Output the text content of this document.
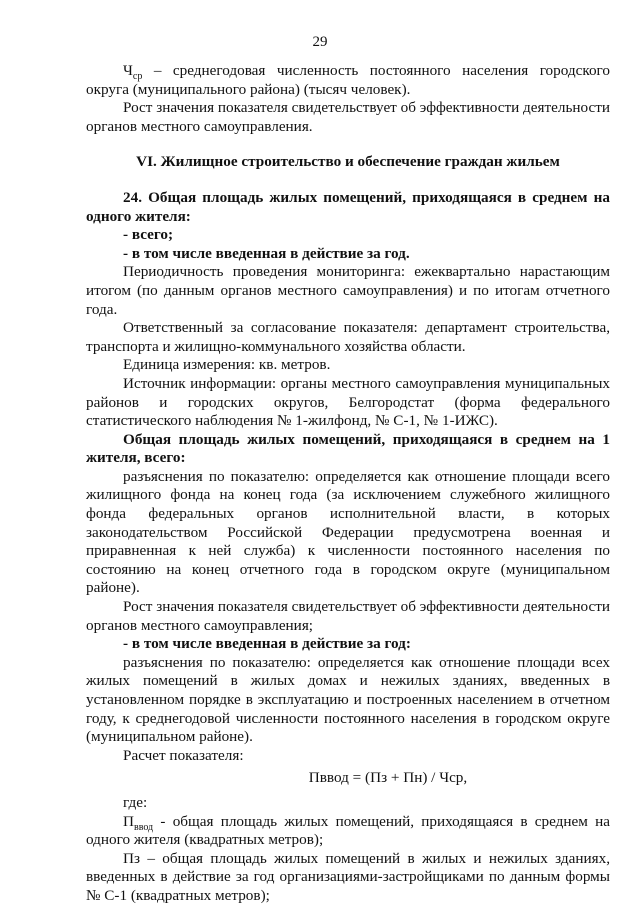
29

$Ч_{ср}$ – среднегодовая численность постоянного населения городского округа (муниципального района) (тысяч человек).

Рост значения показателя свидетельствует об эффективности деятельности органов местного самоуправления.

VI. Жилищное строительство и обеспечение граждан жильем

24. Общая площадь жилых помещений, приходящаяся в среднем на одного жителя:

- всего;

- в том числе введенная в действие за год.

Периодичность проведения мониторинга: ежеквартально нарастающим итогом (по данным органов местного самоуправления) и по итогам отчетного года.

Ответственный за согласование показателя: департамент строительства, транспорта и жилищно-коммунального хозяйства области.

Единица измерения: кв. метров.

Источник информации: органы местного самоуправления муниципальных районов и городских округов, Белгородстат (форма федерального статистического наблюдения № 1-жилфонд, № С-1, № 1-ИЖС).

Общая площадь жилых помещений, приходящаяся в среднем на 1 жителя, всего:

разъяснения по показателю: определяется как отношение площади всего жилищного фонда на конец года (за исключением служебного жилищного фонда федеральных органов исполнительной власти, в которых законодательством Российской Федерации предусмотрена военная и приравненная к ней служба) к численности постоянного населения по состоянию на конец отчетного года в городском округе (муниципальном районе).

Рост значения показателя свидетельствует об эффективности деятельности органов местного самоуправления;

- в том числе введенная в действие за год:

разъяснения по показателю: определяется как отношение площади всех жилых помещений в жилых домах и нежилых зданиях, введенных в установленном порядке в эксплуатацию и построенных населением в отчетном году, к среднегодовой численности постоянного населения в городском округе (муниципальном районе).

Расчет показателя:

Пввод = (Пз + Пн) / Чср,

где:

$П_{ввод}$ - общая площадь жилых помещений, приходящаяся в среднем на одного жителя (квадратных метров);

Пз – общая площадь жилых помещений в жилых и нежилых зданиях, введенных в действие за год организациями-застройщиками по данным формы № С-1 (квадратных метров);
